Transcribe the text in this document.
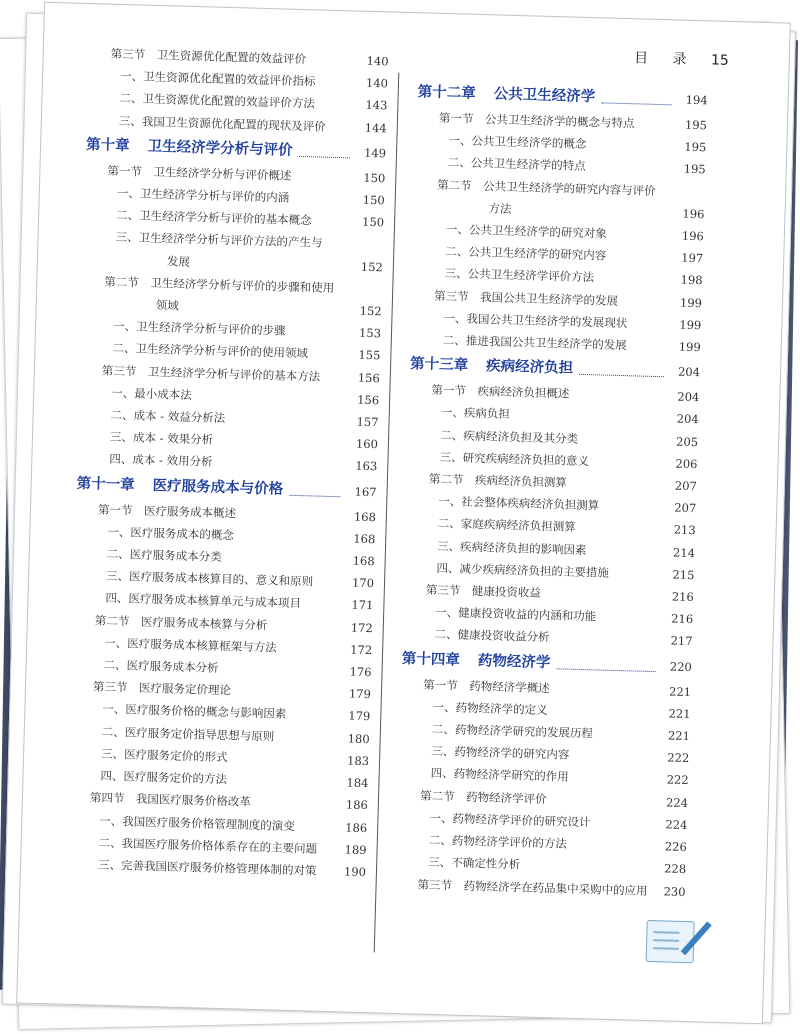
目 录 15
第三节　卫生资源优化配置的效益评价	140
一、卫生资源优化配置的效益评价指标	140
二、卫生资源优化配置的效益评价方法	143
三、我国卫生资源优化配置的现状及评价	144
第十章 卫生经济学分析与评价	149
第一节　卫生经济学分析与评价概述	150
一、卫生经济学分析与评价的内涵	150
二、卫生经济学分析与评价的基本概念	150
三、卫生经济学分析与评价方法的产生与
发展	152
第二节　卫生经济学分析与评价的步骤和使用
领域	152
一、卫生经济学分析与评价的步骤	153
二、卫生经济学分析与评价的使用领域	155
第三节　卫生经济学分析与评价的基本方法	156
一、最小成本法	156
二、成本 - 效益分析法	157
三、成本 - 效果分析	160
四、成本 - 效用分析	163
第十一章 医疗服务成本与价格	167
第一节　医疗服务成本概述	168
一、医疗服务成本的概念	168
二、医疗服务成本分类	168
三、医疗服务成本核算目的、意义和原则	170
四、医疗服务成本核算单元与成本项目	171
第二节　医疗服务成本核算与分析	172
一、医疗服务成本核算框架与方法	172
二、医疗服务成本分析	176
第三节　医疗服务定价理论	179
一、医疗服务价格的概念与影响因素	179
二、医疗服务定价指导思想与原则	180
三、医疗服务定价的形式	183
四、医疗服务定价的方法	184
第四节　我国医疗服务价格改革	186
一、我国医疗服务价格管理制度的演变	186
二、我国医疗服务价格体系存在的主要问题	189
三、完善我国医疗服务价格管理体制的对策	190
第十二章 公共卫生经济学	194
第一节　公共卫生经济学的概念与特点	195
一、公共卫生经济学的概念	195
二、公共卫生经济学的特点	195
第二节　公共卫生经济学的研究内容与评价
方法	196
一、公共卫生经济学的研究对象	196
二、公共卫生经济学的研究内容	197
三、公共卫生经济学评价方法	198
第三节　我国公共卫生经济学的发展	199
一、我国公共卫生经济学的发展现状	199
二、推进我国公共卫生经济学的发展	199
第十三章 疾病经济负担	204
第一节　疾病经济负担概述	204
一、疾病负担	204
二、疾病经济负担及其分类	205
三、研究疾病经济负担的意义	206
第二节　疾病经济负担测算	207
一、社会整体疾病经济负担测算	207
二、家庭疾病经济负担测算	213
三、疾病经济负担的影响因素	214
四、减少疾病经济负担的主要措施	215
第三节　健康投资收益	216
一、健康投资收益的内涵和功能	216
二、健康投资收益分析	217
第十四章 药物经济学	220
第一节　药物经济学概述	221
一、药物经济学的定义	221
二、药物经济学研究的发展历程	221
三、药物经济学的研究内容	222
四、药物经济学研究的作用	222
第二节　药物经济学评价	224
一、药物经济学评价的研究设计	224
二、药物经济学评价的方法	226
三、不确定性分析	228
第三节　药物经济学在药品集中采购中的应用	230
